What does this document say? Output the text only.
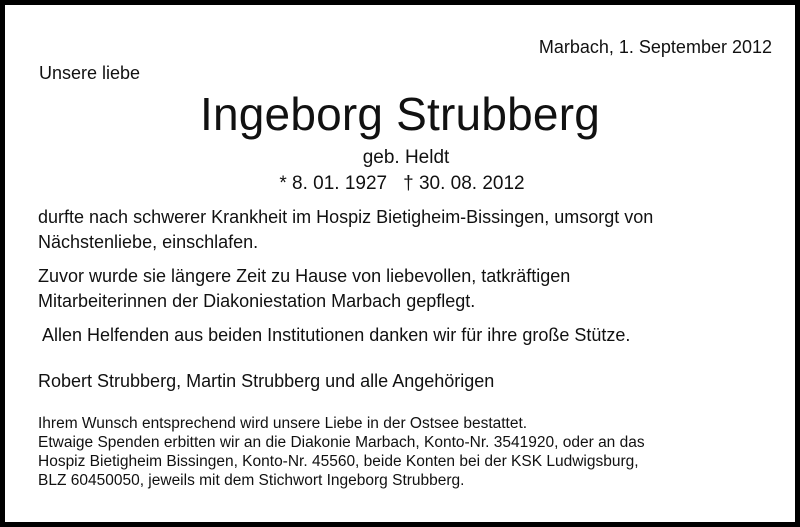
Marbach, 1. September 2012
Unsere liebe
Ingeborg Strubberg
geb. Heldt
* 8. 01. 1927 † 30. 08. 2012
durfte nach schwerer Krankheit im Hospiz Bietigheim-Bissingen, umsorgt von
Nächstenliebe, einschlafen.
Zuvor wurde sie längere Zeit zu Hause von liebevollen, tatkräftigen
Mitarbeiterinnen der Diakoniestation Marbach gepflegt.
Allen Helfenden aus beiden Institutionen danken wir für ihre große Stütze.
Robert Strubberg, Martin Strubberg und alle Angehörigen
Ihrem Wunsch entsprechend wird unsere Liebe in der Ostsee bestattet.
Etwaige Spenden erbitten wir an die Diakonie Marbach, Konto-Nr. 3541920, oder an das
Hospiz Bietigheim Bissingen, Konto-Nr. 45560, beide Konten bei der KSK Ludwigsburg,
BLZ 60450050, jeweils mit dem Stichwort Ingeborg Strubberg.
